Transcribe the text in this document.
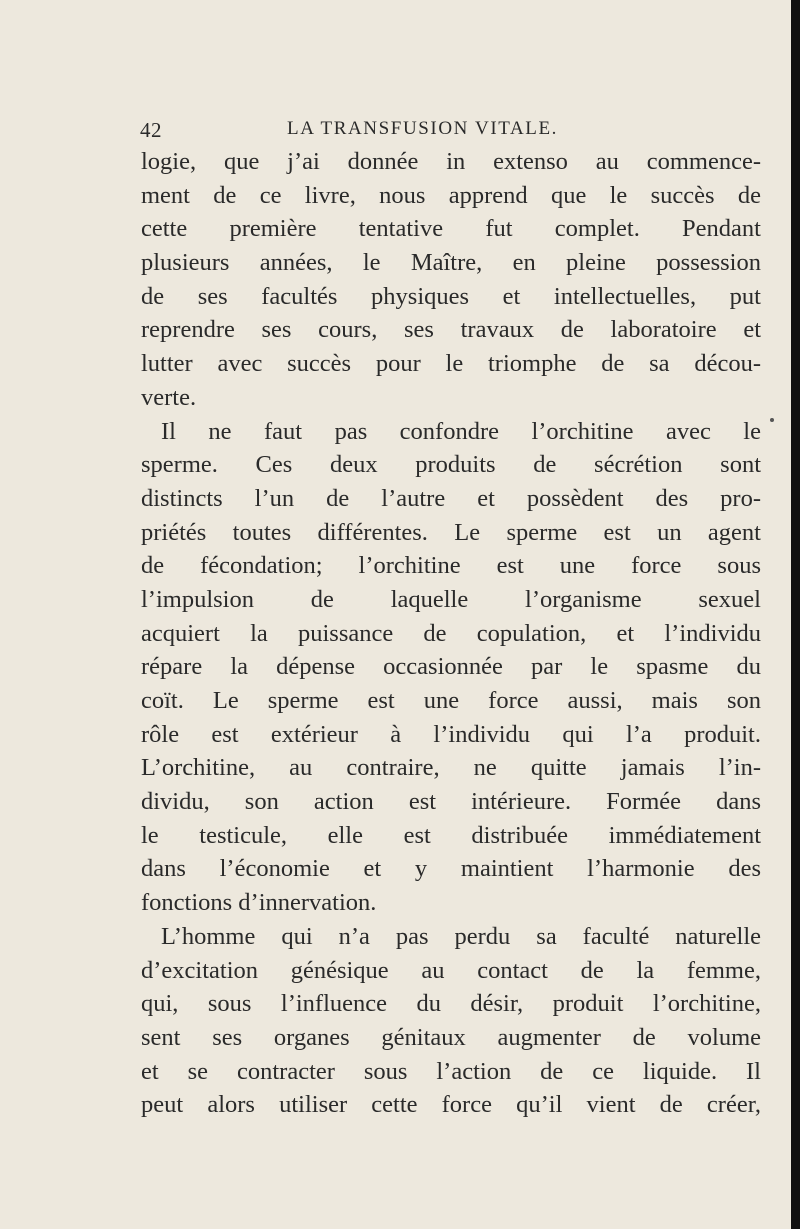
42	LA TRANSFUSION VITALE.
logie, que j’ai donnée in extenso au commence-
ment de ce livre, nous apprend que le succès de
cette première tentative fut complet. Pendant
plusieurs années, le Maître, en pleine possession
de ses facultés physiques et intellectuelles, put
reprendre ses cours, ses travaux de laboratoire et
lutter avec succès pour le triomphe de sa décou-
verte.
Il ne faut pas confondre l’orchitine avec le
sperme. Ces deux produits de sécrétion sont
distincts l’un de l’autre et possèdent des pro-
priétés toutes différentes. Le sperme est un agent
de fécondation; l’orchitine est une force sous
l’impulsion de laquelle l’organisme sexuel
acquiert la puissance de copulation, et l’individu
répare la dépense occasionnée par le spasme du
coït. Le sperme est une force aussi, mais son
rôle est extérieur à l’individu qui l’a produit.
L’orchitine, au contraire, ne quitte jamais l’in-
dividu, son action est intérieure. Formée dans
le testicule, elle est distribuée immédiatement
dans l’économie et y maintient l’harmonie des
fonctions d’innervation.
L’homme qui n’a pas perdu sa faculté naturelle
d’excitation génésique au contact de la femme,
qui, sous l’influence du désir, produit l’orchitine,
sent ses organes génitaux augmenter de volume
et se contracter sous l’action de ce liquide. Il
peut alors utiliser cette force qu’il vient de créer,
